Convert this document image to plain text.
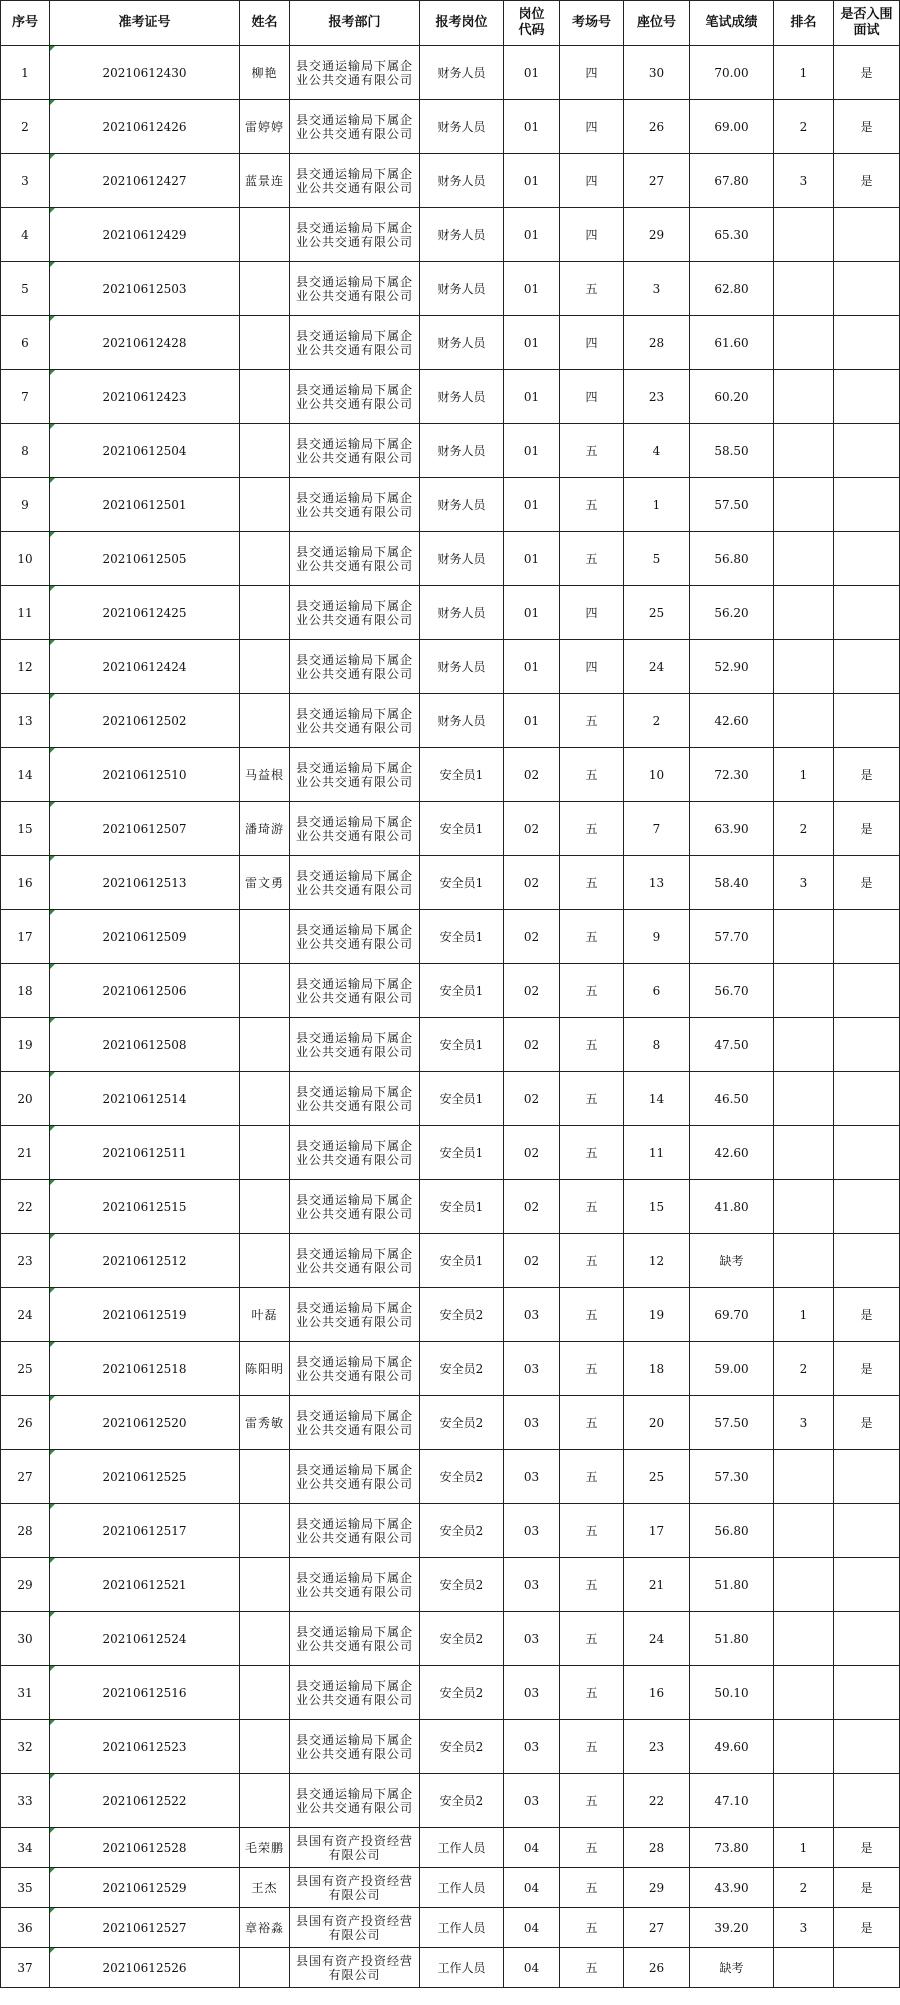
序号	准考证号	姓名	报考部门	报考岗位	岗位代码	考场号	座位号	笔试成绩	排名	是否入围面试
1	20210612430	柳艳	县交通运输局下属企业公共交通有限公司	财务人员	01	四	30	70.00	1	是
2	20210612426	雷婷婷	县交通运输局下属企业公共交通有限公司	财务人员	01	四	26	69.00	2	是
3	20210612427	蓝景连	县交通运输局下属企业公共交通有限公司	财务人员	01	四	27	67.80	3	是
4	20210612429		县交通运输局下属企业公共交通有限公司	财务人员	01	四	29	65.30		
5	20210612503		县交通运输局下属企业公共交通有限公司	财务人员	01	五	3	62.80		
6	20210612428		县交通运输局下属企业公共交通有限公司	财务人员	01	四	28	61.60		
7	20210612423		县交通运输局下属企业公共交通有限公司	财务人员	01	四	23	60.20		
8	20210612504		县交通运输局下属企业公共交通有限公司	财务人员	01	五	4	58.50		
9	20210612501		县交通运输局下属企业公共交通有限公司	财务人员	01	五	1	57.50		
10	20210612505		县交通运输局下属企业公共交通有限公司	财务人员	01	五	5	56.80		
11	20210612425		县交通运输局下属企业公共交通有限公司	财务人员	01	四	25	56.20		
12	20210612424		县交通运输局下属企业公共交通有限公司	财务人员	01	四	24	52.90		
13	20210612502		县交通运输局下属企业公共交通有限公司	财务人员	01	五	2	42.60		
14	20210612510	马益根	县交通运输局下属企业公共交通有限公司	安全员1	02	五	10	72.30	1	是
15	20210612507	潘琦游	县交通运输局下属企业公共交通有限公司	安全员1	02	五	7	63.90	2	是
16	20210612513	雷文勇	县交通运输局下属企业公共交通有限公司	安全员1	02	五	13	58.40	3	是
17	20210612509		县交通运输局下属企业公共交通有限公司	安全员1	02	五	9	57.70		
18	20210612506		县交通运输局下属企业公共交通有限公司	安全员1	02	五	6	56.70		
19	20210612508		县交通运输局下属企业公共交通有限公司	安全员1	02	五	8	47.50		
20	20210612514		县交通运输局下属企业公共交通有限公司	安全员1	02	五	14	46.50		
21	20210612511		县交通运输局下属企业公共交通有限公司	安全员1	02	五	11	42.60		
22	20210612515		县交通运输局下属企业公共交通有限公司	安全员1	02	五	15	41.80		
23	20210612512		县交通运输局下属企业公共交通有限公司	安全员1	02	五	12	缺考		
24	20210612519	叶磊	县交通运输局下属企业公共交通有限公司	安全员2	03	五	19	69.70	1	是
25	20210612518	陈阳明	县交通运输局下属企业公共交通有限公司	安全员2	03	五	18	59.00	2	是
26	20210612520	雷秀敏	县交通运输局下属企业公共交通有限公司	安全员2	03	五	20	57.50	3	是
27	20210612525		县交通运输局下属企业公共交通有限公司	安全员2	03	五	25	57.30		
28	20210612517		县交通运输局下属企业公共交通有限公司	安全员2	03	五	17	56.80		
29	20210612521		县交通运输局下属企业公共交通有限公司	安全员2	03	五	21	51.80		
30	20210612524		县交通运输局下属企业公共交通有限公司	安全员2	03	五	24	51.80		
31	20210612516		县交通运输局下属企业公共交通有限公司	安全员2	03	五	16	50.10		
32	20210612523		县交通运输局下属企业公共交通有限公司	安全员2	03	五	23	49.60		
33	20210612522		县交通运输局下属企业公共交通有限公司	安全员2	03	五	22	47.10		
34	20210612528	毛荣鹏	县国有资产投资经营有限公司	工作人员	04	五	28	73.80	1	是
35	20210612529	王杰	县国有资产投资经营有限公司	工作人员	04	五	29	43.90	2	是
36	20210612527	章裕淼	县国有资产投资经营有限公司	工作人员	04	五	27	39.20	3	是
37	20210612526		县国有资产投资经营有限公司	工作人员	04	五	26	缺考		
